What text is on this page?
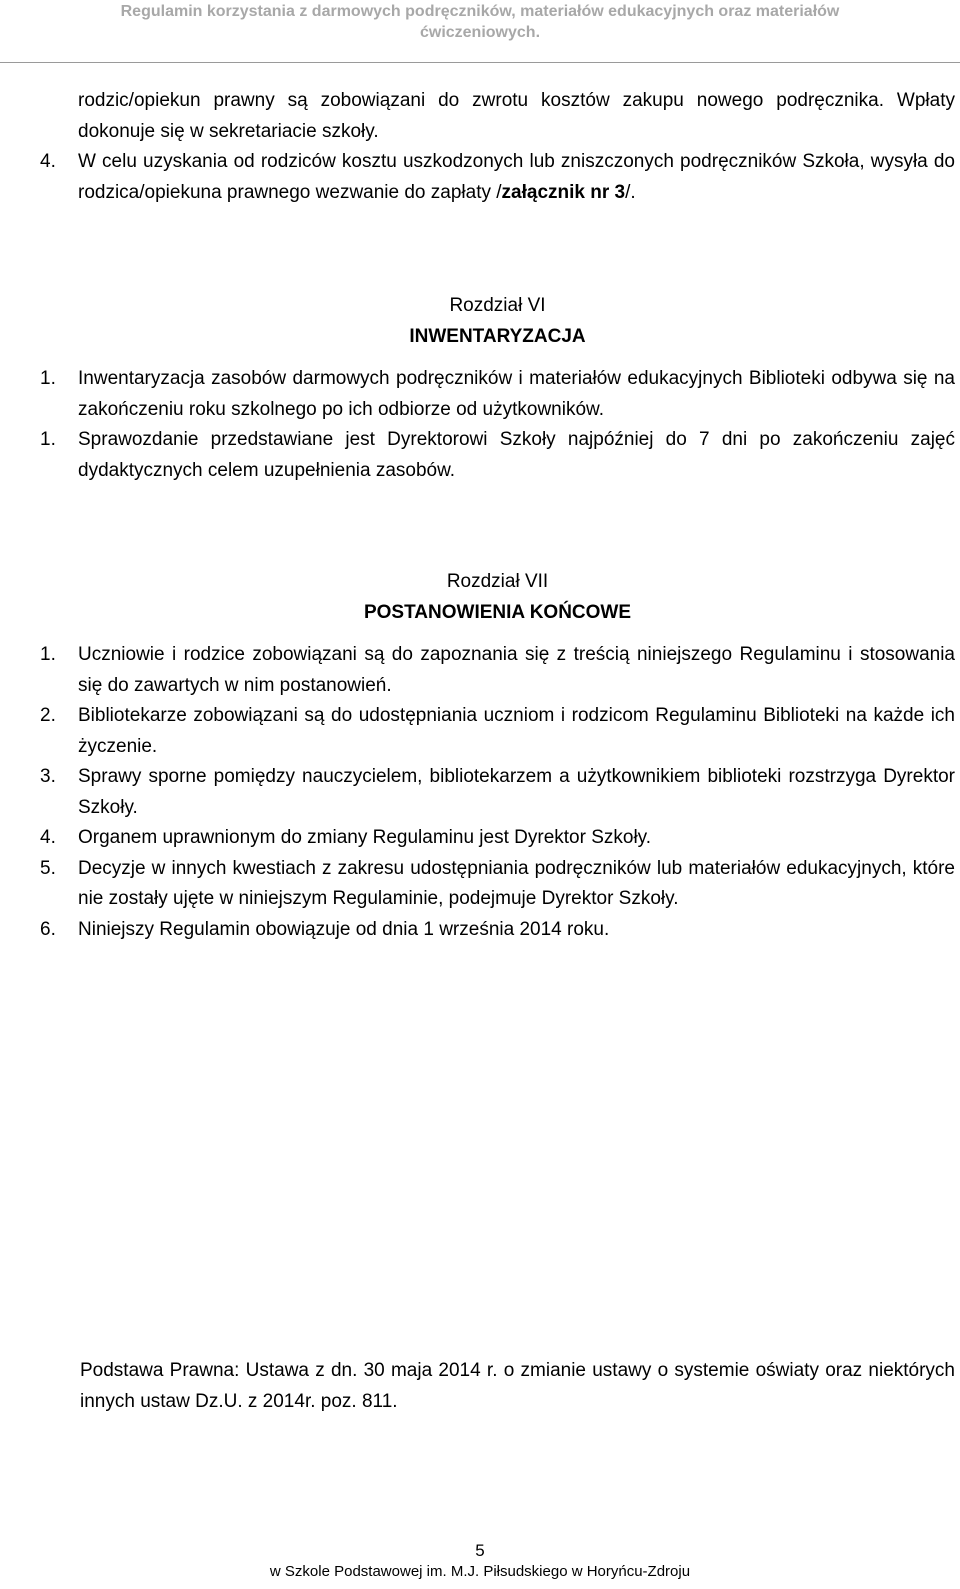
Regulamin korzystania z darmowych podręczników, materiałów edukacyjnych oraz materiałów
ćwiczeniowych.
rodzic/opiekun prawny są zobowiązani do zwrotu kosztów zakupu nowego podręcznika. Wpłaty dokonuje się w sekretariacie szkoły.
4.	W celu uzyskania od rodziców kosztu uszkodzonych lub zniszczonych podręczników Szkoła, wysyła do rodzica/opiekuna prawnego wezwanie do zapłaty /załącznik nr 3/.
Rozdział VI
INWENTARYZACJA
1.	Inwentaryzacja zasobów darmowych podręczników i materiałów edukacyjnych Biblioteki odbywa się na zakończeniu roku szkolnego po ich odbiorze od użytkowników.
1.	Sprawozdanie przedstawiane jest Dyrektorowi Szkoły najpóźniej do 7 dni po zakończeniu zajęć dydaktycznych celem uzupełnienia zasobów.
Rozdział VII
POSTANOWIENIA KOŃCOWE
1.	Uczniowie i rodzice zobowiązani są do zapoznania się z treścią niniejszego Regulaminu i stosowania się do zawartych w nim postanowień.
2.	Bibliotekarze zobowiązani są do udostępniania uczniom i rodzicom Regulaminu Biblioteki na każde ich życzenie.
3.	Sprawy sporne pomiędzy nauczycielem, bibliotekarzem a użytkownikiem biblioteki rozstrzyga Dyrektor Szkoły.
4.	Organem uprawnionym do zmiany Regulaminu jest Dyrektor Szkoły.
5.	Decyzje w innych kwestiach z zakresu udostępniania podręczników lub materiałów edukacyjnych, które nie zostały ujęte w niniejszym Regulaminie, podejmuje Dyrektor Szkoły.
6.	Niniejszy Regulamin obowiązuje od dnia 1 września 2014 roku.
Podstawa Prawna: Ustawa z dn. 30 maja 2014 r. o zmianie ustawy o systemie oświaty oraz niektórych innych ustaw Dz.U. z 2014r. poz. 811.
5
w Szkole Podstawowej im. M.J. Piłsudskiego w Horyńcu-Zdroju
